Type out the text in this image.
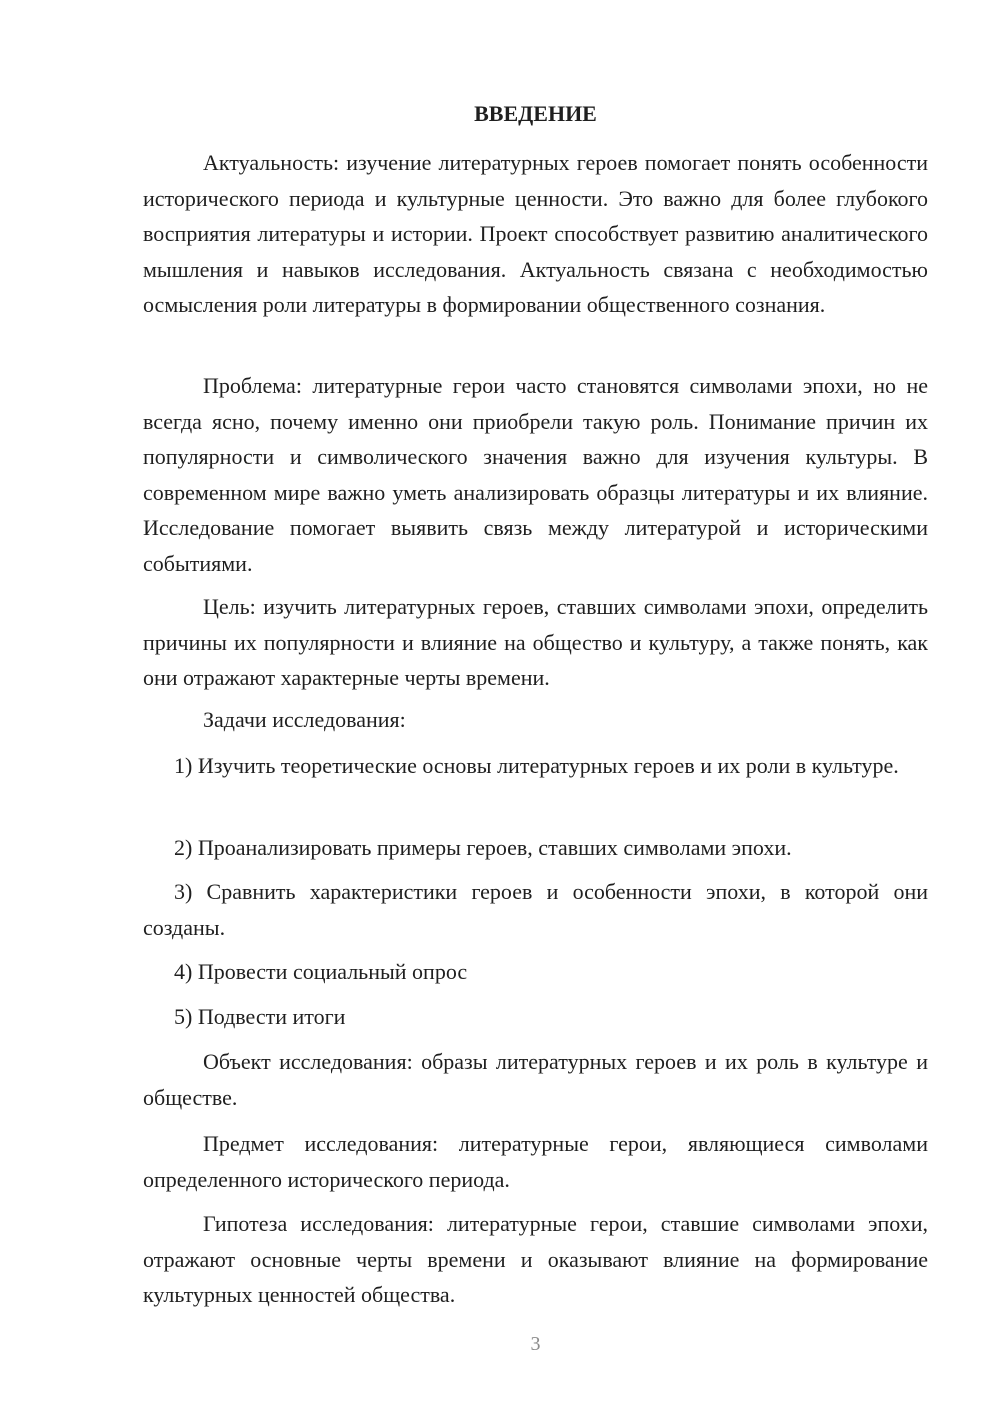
ВВЕДЕНИЕ

Актуальность: изучение литературных героев помогает понять особенности исторического периода и культурные ценности. Это важно для более глубокого восприятия литературы и истории. Проект способствует развитию аналитического мышления и навыков исследования. Актуальность связана с необходимостью осмысления роли литературы в формировании общественного сознания.

Проблема: литературные герои часто становятся символами эпохи, но не всегда ясно, почему именно они приобрели такую роль. Понимание причин их популярности и символического значения важно для изучения культуры. В современном мире важно уметь анализировать образцы литературы и их влияние. Исследование помогает выявить связь между литературой и историческими событиями.

Цель: изучить литературных героев, ставших символами эпохи, определить причины их популярности и влияние на общество и культуру, а также понять, как они отражают характерные черты времени.

Задачи исследования:

1) Изучить теоретические основы литературных героев и их роли в культуре.

2) Проанализировать примеры героев, ставших символами эпохи.

3) Сравнить характеристики героев и особенности эпохи, в которой они созданы.

4) Провести социальный опрос

5) Подвести итоги

Объект исследования: образы литературных героев и их роль в культуре и обществе.

Предмет исследования: литературные герои, являющиеся символами определенного исторического периода.

Гипотеза исследования: литературные герои, ставшие символами эпохи, отражают основные черты времени и оказывают влияние на формирование культурных ценностей общества.

3
